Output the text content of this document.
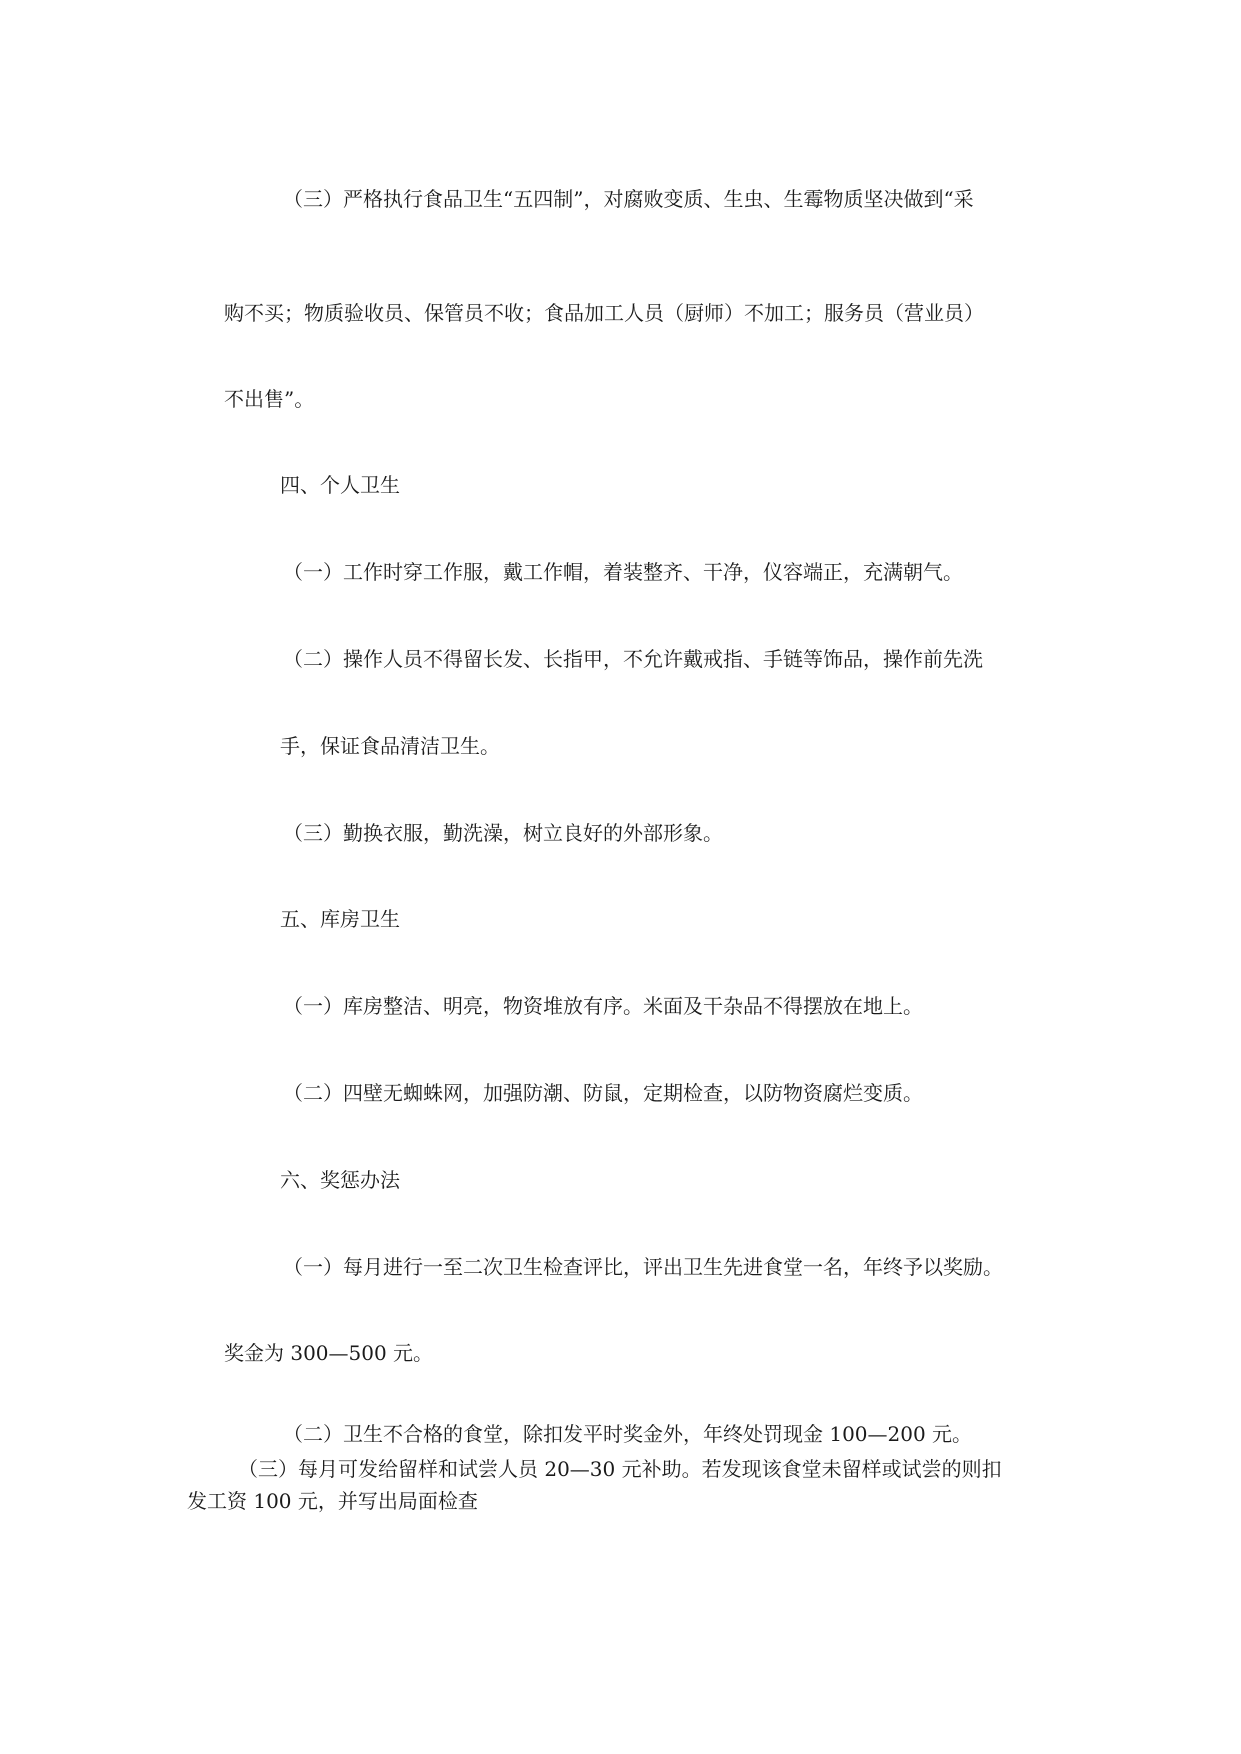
（三）严格执行食品卫生“五四制”，对腐败变质、生虫、生霉物质坚决做到“采
购不买；物质验收员、保管员不收；食品加工人员（厨师）不加工；服务员（营业员）
不出售”。
四、个人卫生
（一）工作时穿工作服，戴工作帽，着装整齐、干净，仪容端正，充满朝气。
（二）操作人员不得留长发、长指甲，不允许戴戒指、手链等饰品，操作前先洗
手，保证食品清洁卫生。
（三）勤换衣服，勤洗澡，树立良好的外部形象。
五、库房卫生
（一）库房整洁、明亮，物资堆放有序。米面及干杂品不得摆放在地上。
（二）四壁无蜘蛛网，加强防潮、防鼠，定期检查，以防物资腐烂变质。
六、奖惩办法
（一）每月进行一至二次卫生检查评比，评出卫生先进食堂一名，年终予以奖励。
奖金为 300—500 元。
（二）卫生不合格的食堂，除扣发平时奖金外，年终处罚现金 100—200 元。
（三）每月可发给留样和试尝人员 20—30 元补助。若发现该食堂未留样或试尝的则扣
发工资 100 元，并写出局面检查
